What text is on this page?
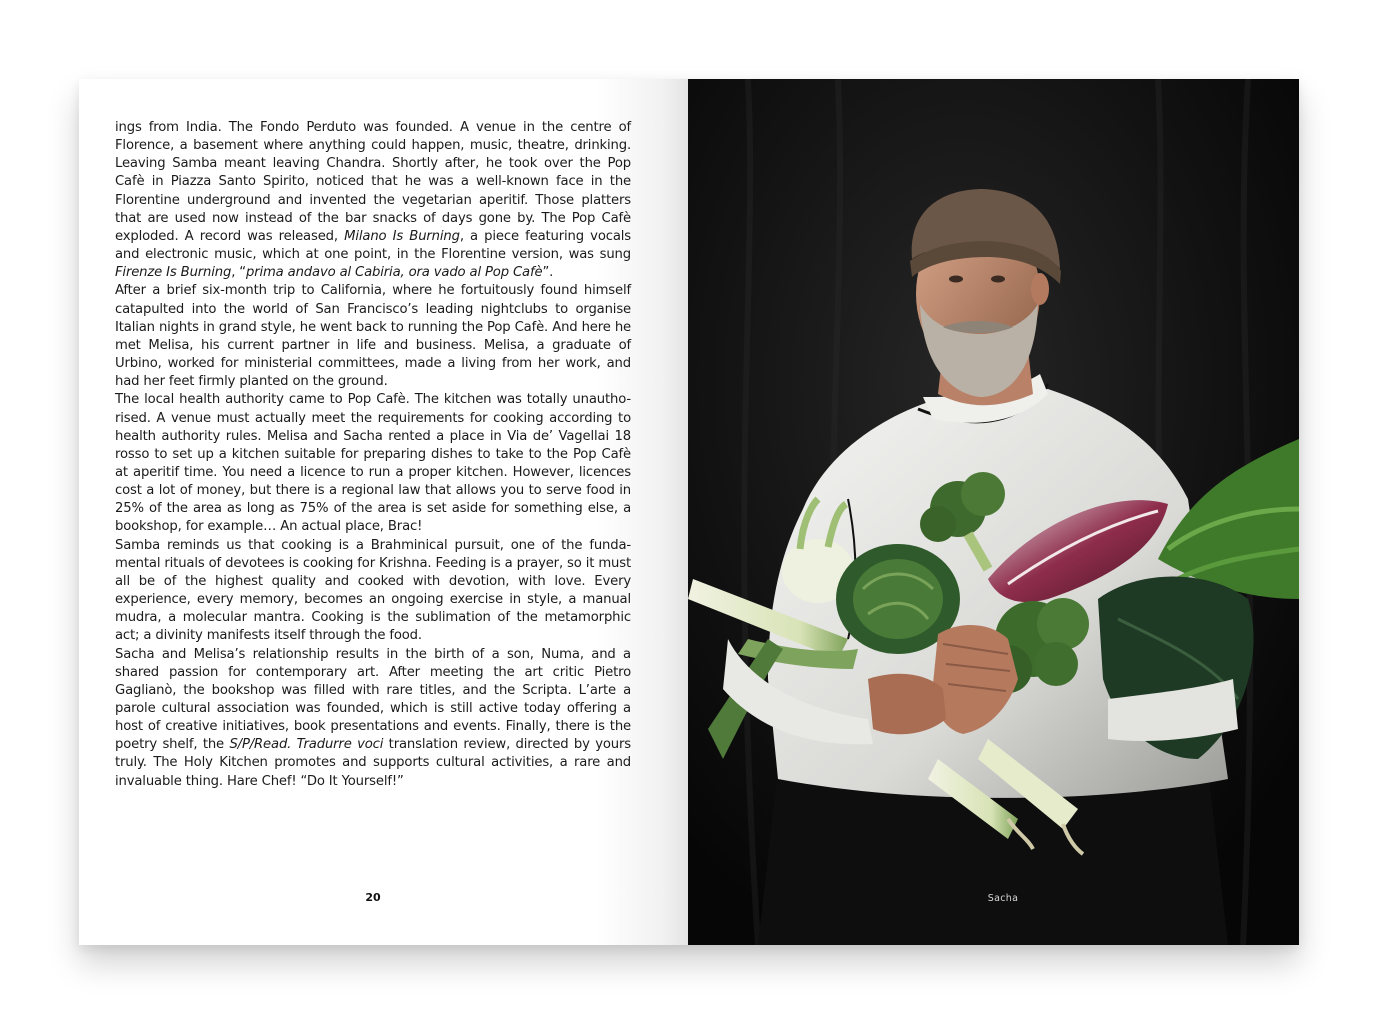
ings from India. The Fondo Perduto was founded. A venue in the centre of Florence, a basement where anything could happen, music, theatre, drinking. Leaving Samba meant leaving Chandra. Shortly after, he took over the Pop Cafè in Piazza Santo Spirito, noticed that he was a well-known face in the Florentine underground and invented the vegetarian aperitif. Those platters that are used now instead of the bar snacks of days gone by. The Pop Cafè exploded. A record was released, Milano Is Burning, a piece featuring vocals and electronic music, which at one point, in the Florentine version, was sung Firenze Is Burning, “prima andavo al Cabiria, ora vado al Pop Cafè”.

After a brief six-month trip to California, where he fortuitously found himself catapulted into the world of San Francisco’s leading nightclubs to organise Italian nights in grand style, he went back to running the Pop Cafè. And here he met Melisa, his current partner in life and business. Melisa, a graduate of Urbino, worked for ministerial committees, made a living from her work, and had her feet firmly planted on the ground.

The local health authority came to Pop Cafè. The kitchen was totally unautho-rised. A venue must actually meet the requirements for cooking according to health authority rules. Melisa and Sacha rented a place in Via de’ Vagellai 18 rosso to set up a kitchen suitable for preparing dishes to take to the Pop Cafè at aperitif time. You need a licence to run a proper kitchen. However, licences cost a lot of money, but there is a regional law that allows you to serve food in 25% of the area as long as 75% of the area is set aside for something else, a bookshop, for example… An actual place, Brac!

Samba reminds us that cooking is a Brahminical pursuit, one of the funda-mental rituals of devotees is cooking for Krishna. Feeding is a prayer, so it must all be of the highest quality and cooked with devotion, with love. Every experience, every memory, becomes an ongoing exercise in style, a manual mudra, a molecular mantra. Cooking is the sublimation of the metamorphic act; a divinity manifests itself through the food.

Sacha and Melisa’s relationship results in the birth of a son, Numa, and a shared passion for contemporary art. After meeting the art critic Pietro Gaglianò, the bookshop was filled with rare titles, and the Scripta. L’arte a parole cultural association was founded, which is still active today offering a host of creative initiatives, book presentations and events. Finally, there is the poetry shelf, the S/P/Read. Tradurre voci translation review, directed by yours truly. The Holy Kitchen promotes and supports cultural activities, a rare and invaluable thing. Hare Chef! “Do It Yourself!”

20	Sacha
